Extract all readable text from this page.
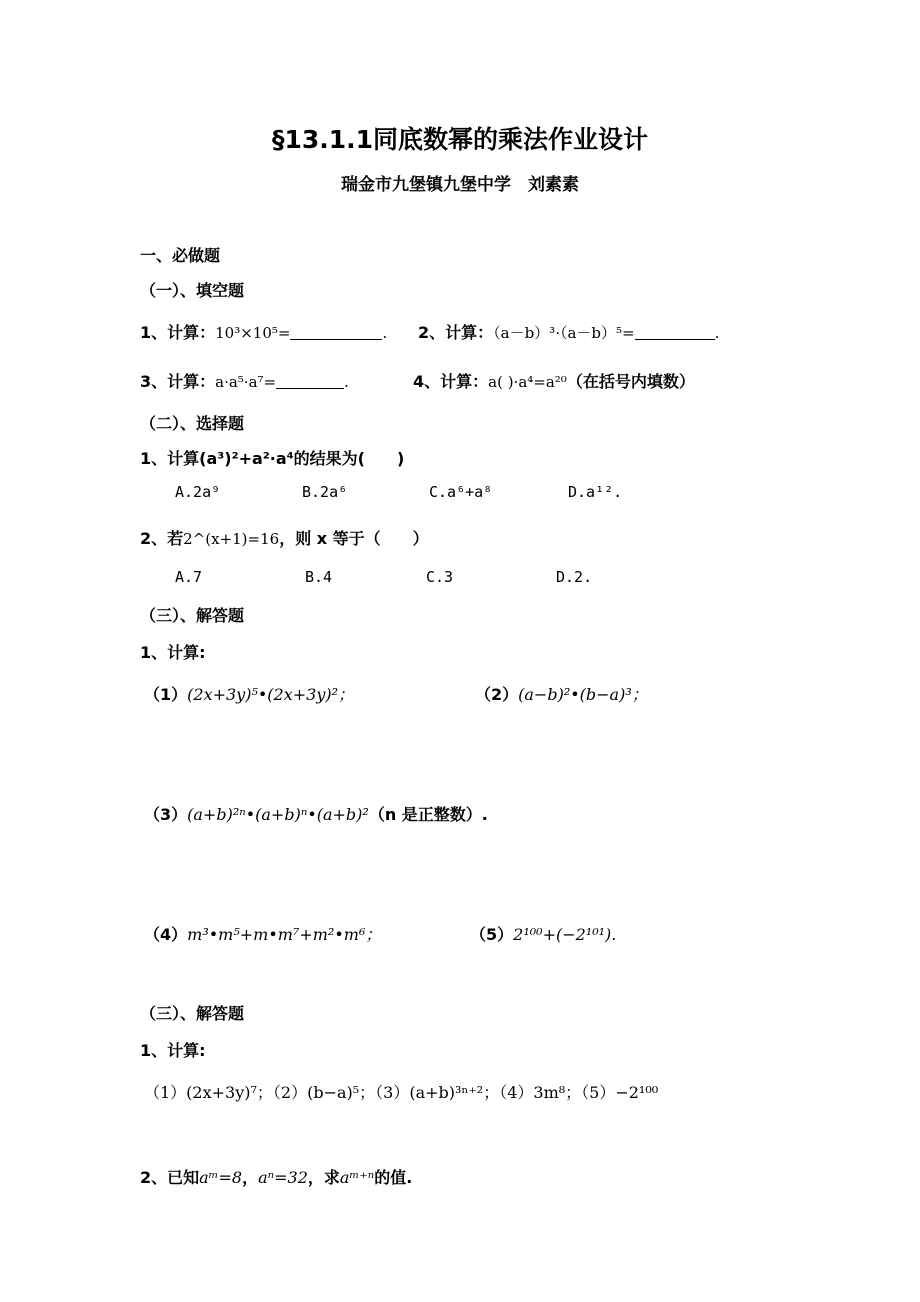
§13.1.1同底数幂的乘法作业设计
瑞金市九堡镇九堡中学　刘素素
一、必做题
（一）、填空题
1、计算：10³×10⁵=	. 2、计算：（a－b）³·（a－b）⁵=	.
3、计算：a·a⁵·a⁷=	.	4、计算：a( )·a⁴=a²⁰（在括号内填数）
（二）、选择题
1、计算(a³)²+a²·a⁴的结果为(　　)
A.2a⁹	B.2a⁶	C.a⁶+a⁸	D.a¹².
2、若2^(x+1)=16，则 x 等于（　　）
A.7	B.4	C.3	D.2.
（三）、解答题
1、计算:
（1）(2x+3y)⁵•(2x+3y)²；	（2）(a−b)²•(b−a)³；
（3）(a+b)²ⁿ•(a+b)ⁿ•(a+b)²（n 是正整数）.
（4）m³•m⁵+m•m⁷+m²•m⁶；	（5）2¹⁰⁰+(−2¹⁰¹).
（三）、解答题
1、计算:
（1）(2x+3y)⁷；（2）(b−a)⁵；（3）(a+b)³ⁿ⁺²；（4）3m⁸；（5）−2¹⁰⁰
2、已知aᵐ=8，aⁿ=32，求aᵐ⁺ⁿ的值.
